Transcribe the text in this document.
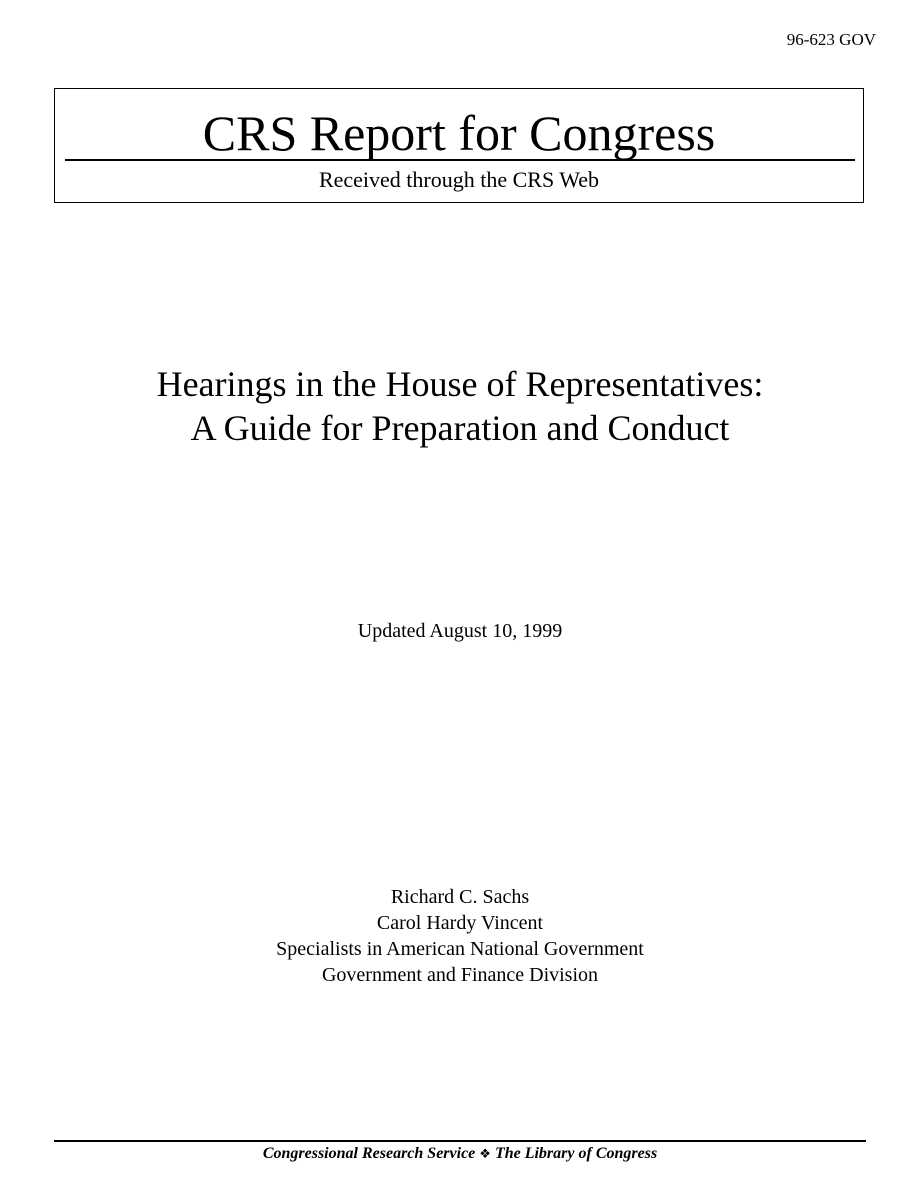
96-623 GOV
CRS Report for Congress
Received through the CRS Web
Hearings in the House of Representatives:
A Guide for Preparation and Conduct
Updated August 10, 1999
Richard C. Sachs
Carol Hardy Vincent
Specialists in American National Government
Government and Finance Division
Congressional Research Service ❖ The Library of Congress
